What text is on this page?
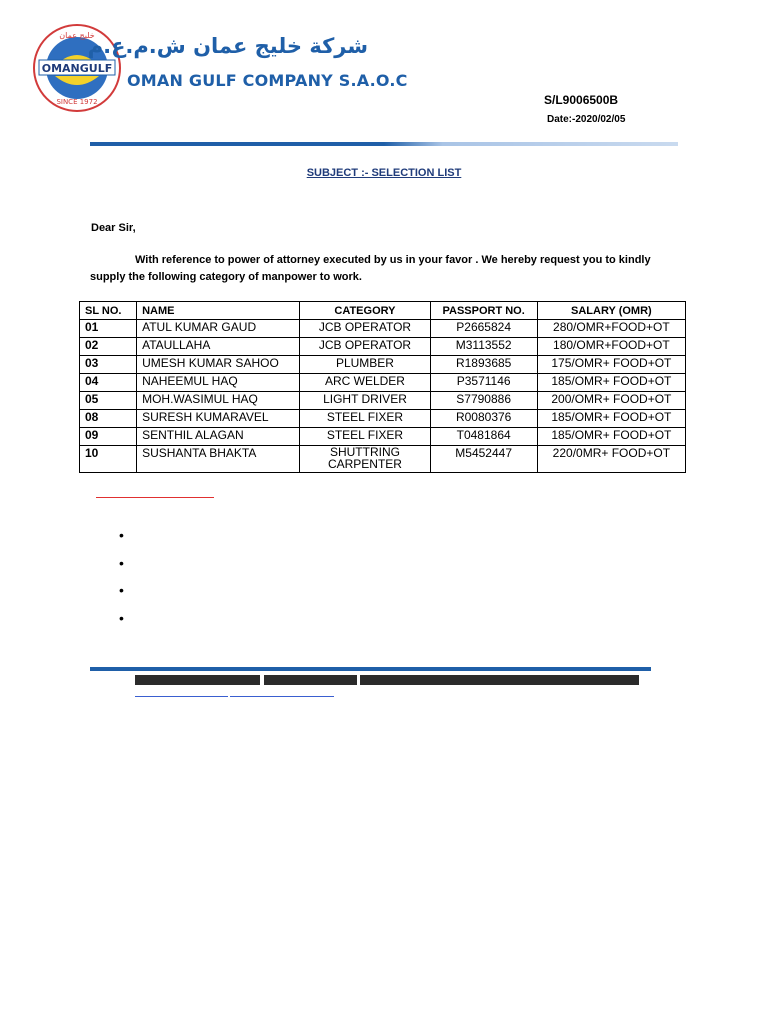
OMANGULF
SINCE 1972
خليج عمان
شركة خليج عمان ش.م.ع.م
OMAN GULF COMPANY S.A.O.C
S/L9006500B
Date:-2020/02/05
SUBJECT :- SELECTION LIST
Dear Sir,
With reference to power of attorney executed by us in your favor . We hereby request you to kindly supply the following category of manpower to work.
SL NO.	NAME	CATEGORY	PASSPORT NO.	SALARY (OMR)
01	ATUL KUMAR GAUD	JCB OPERATOR	P2665824	280/OMR+FOOD+OT
02	ATAULLAHA	JCB OPERATOR	M3113552	180/OMR+FOOD+OT
03	UMESH KUMAR SAHOO	PLUMBER	R1893685	175/OMR+ FOOD+OT
04	NAHEEMUL HAQ	ARC WELDER	P3571146	185/OMR+ FOOD+OT
05	MOH.WASIMUL HAQ	LIGHT DRIVER	S7790886	200/OMR+ FOOD+OT
08	SURESH KUMARAVEL	STEEL FIXER	R0080376	185/OMR+ FOOD+OT
09	SENTHIL ALAGAN	STEEL FIXER	T0481864	185/OMR+ FOOD+OT
10	SUSHANTA BHAKTA	SHUTTRING CARPENTER	M5452447	220/0MR+ FOOD+OT
•
•
•
•
